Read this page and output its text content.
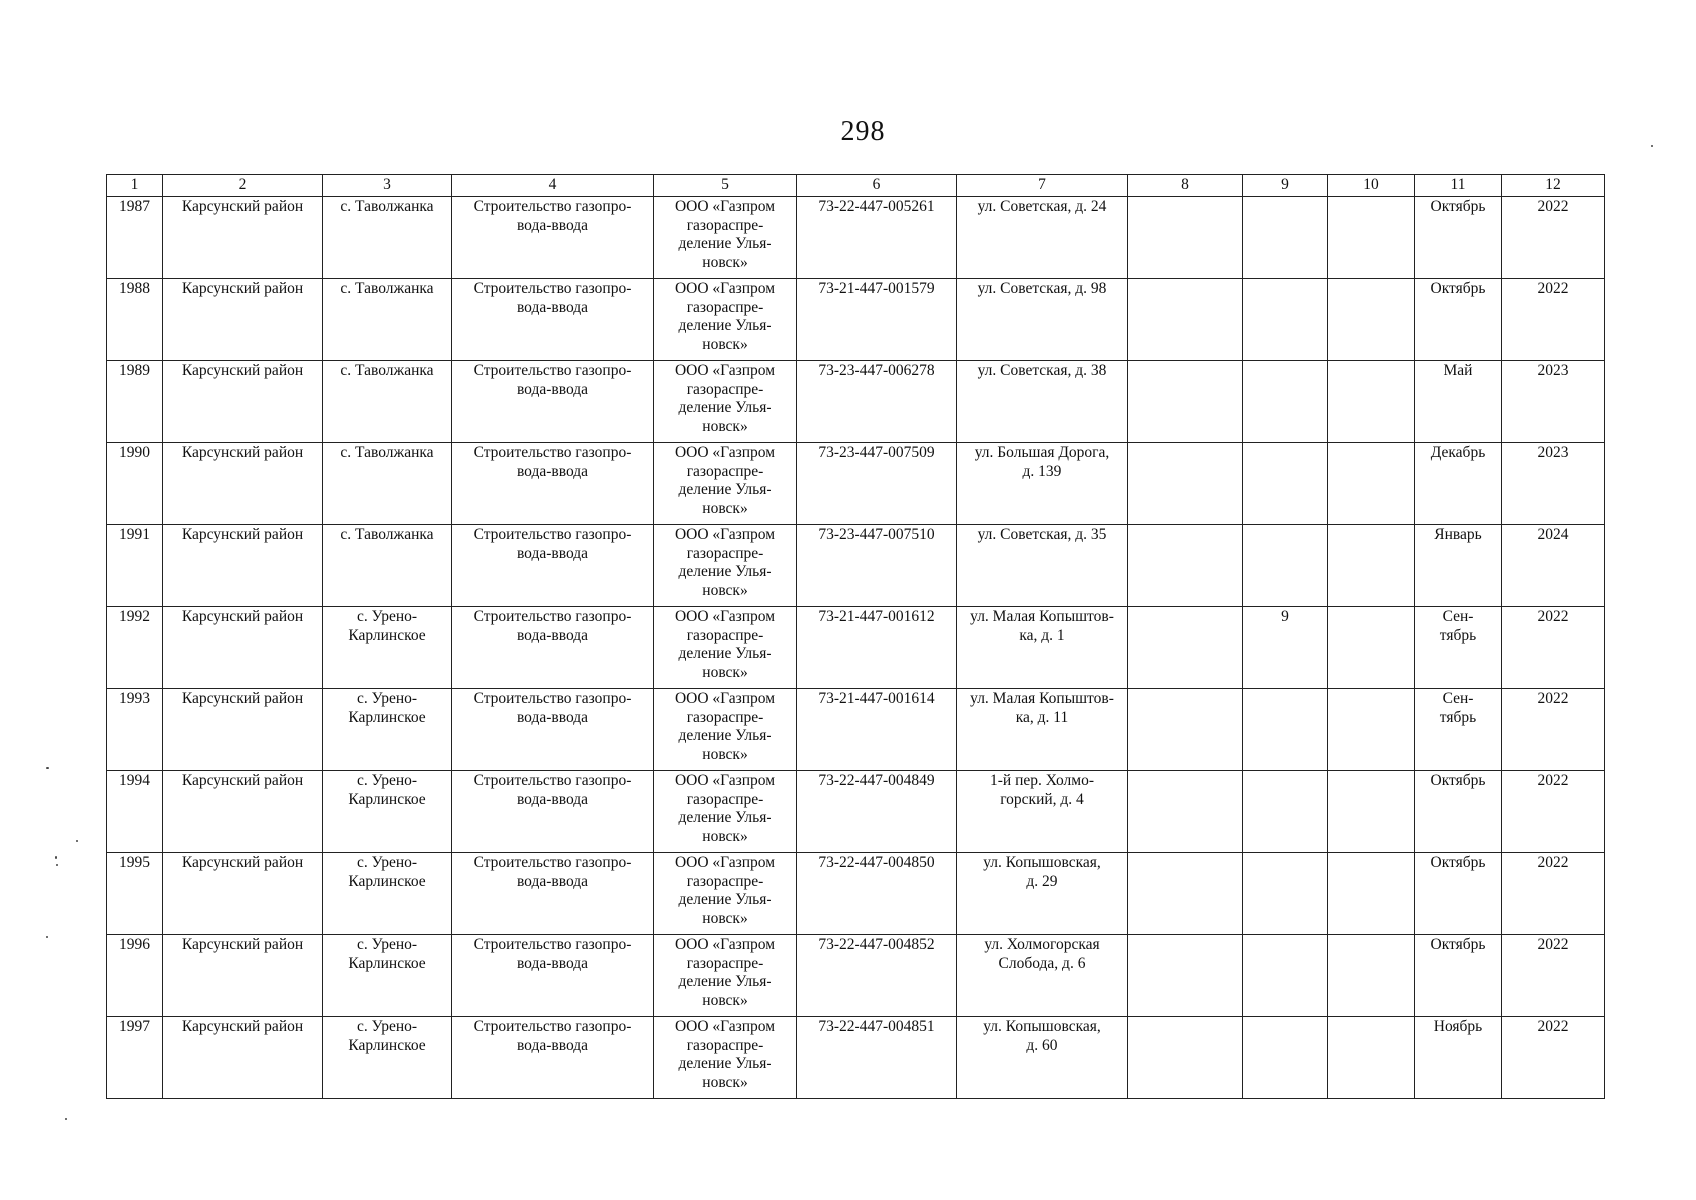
298
1	2	3	4	5	6	7	8	9	10	11	12
1987	Карсунский район	с. Таволжанка	Строительство газопро-
вода-ввода	ООО «Газпром
газораспре-
деление Улья-
новск»	73-22-447-005261	ул. Советская, д. 24				Октябрь	2022
1988	Карсунский район	с. Таволжанка	Строительство газопро-
вода-ввода	ООО «Газпром
газораспре-
деление Улья-
новск»	73-21-447-001579	ул. Советская, д. 98				Октябрь	2022
1989	Карсунский район	с. Таволжанка	Строительство газопро-
вода-ввода	ООО «Газпром
газораспре-
деление Улья-
новск»	73-23-447-006278	ул. Советская, д. 38				Май	2023
1990	Карсунский район	с. Таволжанка	Строительство газопро-
вода-ввода	ООО «Газпром
газораспре-
деление Улья-
новск»	73-23-447-007509	ул. Большая Дорога,
д. 139				Декабрь	2023
1991	Карсунский район	с. Таволжанка	Строительство газопро-
вода-ввода	ООО «Газпром
газораспре-
деление Улья-
новск»	73-23-447-007510	ул. Советская, д. 35				Январь	2024
1992	Карсунский район	с. Урено-
Карлинское	Строительство газопро-
вода-ввода	ООО «Газпром
газораспре-
деление Улья-
новск»	73-21-447-001612	ул. Малая Копыштов-
ка, д. 1		9		Сен-
тябрь	2022
1993	Карсунский район	с. Урено-
Карлинское	Строительство газопро-
вода-ввода	ООО «Газпром
газораспре-
деление Улья-
новск»	73-21-447-001614	ул. Малая Копыштов-
ка, д. 11				Сен-
тябрь	2022
1994	Карсунский район	с. Урено-
Карлинское	Строительство газопро-
вода-ввода	ООО «Газпром
газораспре-
деление Улья-
новск»	73-22-447-004849	1-й пер. Холмо-
горский, д. 4				Октябрь	2022
1995	Карсунский район	с. Урено-
Карлинское	Строительство газопро-
вода-ввода	ООО «Газпром
газораспре-
деление Улья-
новск»	73-22-447-004850	ул. Копышовская,
д. 29				Октябрь	2022
1996	Карсунский район	с. Урено-
Карлинское	Строительство газопро-
вода-ввода	ООО «Газпром
газораспре-
деление Улья-
новск»	73-22-447-004852	ул. Холмогорская
Слобода, д. 6				Октябрь	2022
1997	Карсунский район	с. Урено-
Карлинское	Строительство газопро-
вода-ввода	ООО «Газпром
газораспре-
деление Улья-
новск»	73-22-447-004851	ул. Копышовская,
д. 60				Ноябрь	2022
